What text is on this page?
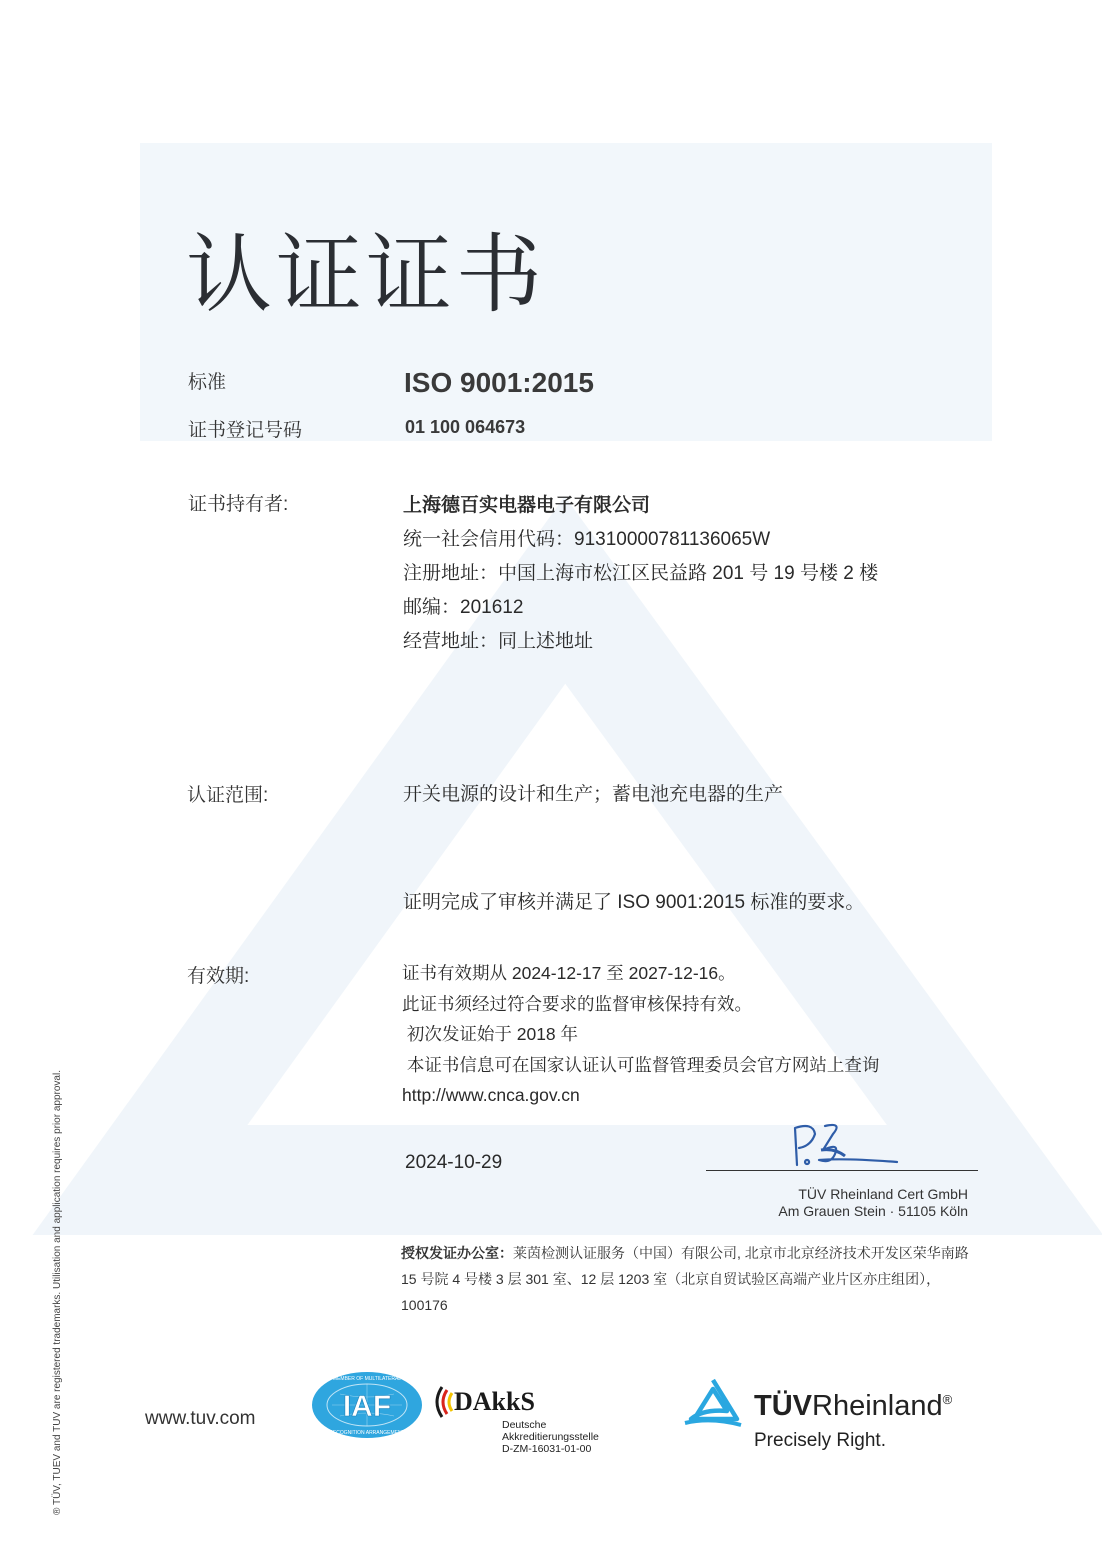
认证证书
标准	ISO 9001:2015
证书登记号码	01 100 064673
证书持有者:	上海德百实电器电子有限公司
统一社会信用代码：91310000781136065W
注册地址：中国上海市松江区民益路 201 号 19 号楼 2 楼
邮编：201612
经营地址：同上述地址
认证范围:	开关电源的设计和生产；蓄电池充电器的生产
证明完成了审核并满足了 ISO 9001:2015 标准的要求。
有效期:	证书有效期从 2024-12-17 至 2027-12-16。
此证书须经过符合要求的监督审核保持有效。
初次发证始于 2018 年
本证书信息可在国家认证认可监督管理委员会官方网站上查询
http://www.cnca.gov.cn
2024-10-29
TÜV Rheinland Cert GmbH
Am Grauen Stein · 51105 Köln
授权发证办公室：莱茵检测认证服务（中国）有限公司, 北京市北京经济技术开发区荣华南路 15 号院 4 号楼 3 层 301 室、12 层 1203 室（北京自贸试验区高端产业片区亦庄组团），
100176
® TÜV, TUEV and TUV are registered trademarks. Utilisation and application requires prior approval.	www.tuv.com	IAF
MEMBER OF MULTILATERAL
RECOGNITION ARRANGEMENT
DAkkS
Deutsche
Akkreditierungsstelle
D-ZM-16031-01-00
TÜVRheinland®
Precisely Right.
